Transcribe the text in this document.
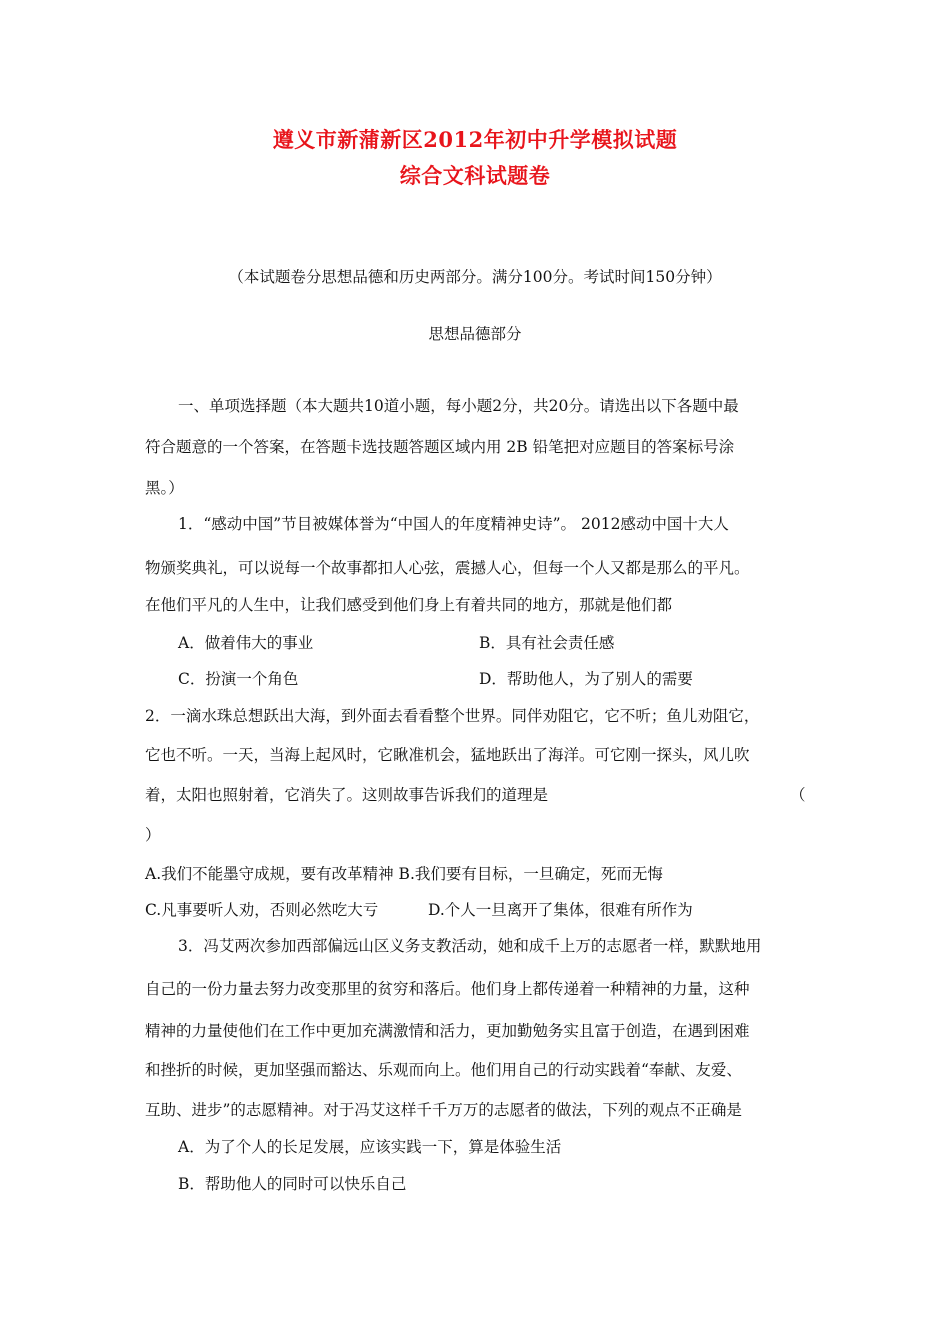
遵义市新蒲新区2012年初中升学模拟试题
综合文科试题卷
（本试题卷分思想品德和历史两部分。满分100分。考试时间150分钟）
思想品德部分
一、单项选择题（本大题共10道小题，每小题2分，共20分。请选出以下各题中最
符合题意的一个答案，在答题卡选技题答题区域内用 2B 铅笔把对应题目的答案标号涂
黑。）
1．“感动中国”节目被媒体誉为“中国人的年度精神史诗”。 2012感动中国十大人
物颁奖典礼，可以说每一个故事都扣人心弦，震撼人心，但每一个人又都是那么的平凡。
在他们平凡的人生中，让我们感受到他们身上有着共同的地方，那就是他们都
A．做着伟大的事业	B．具有社会责任感
C．扮演一个角色	D．帮助他人，为了别人的需要
2．一滴水珠总想跃出大海，到外面去看看整个世界。同伴劝阻它，它不听；鱼儿劝阻它，
它也不听。一天，当海上起风时，它瞅准机会，猛地跃出了海洋。可它刚一探头，风儿吹
着，太阳也照射着，它消失了。这则故事告诉我们的道理是	（
）
A.我们不能墨守成规，要有改革精神 B.我们要有目标，一旦确定，死而无悔
C.凡事要听人劝，否则必然吃大亏	D.个人一旦离开了集体，很难有所作为
3．冯艾两次参加西部偏远山区义务支教活动，她和成千上万的志愿者一样，默默地用
自己的一份力量去努力改变那里的贫穷和落后。他们身上都传递着一种精神的力量，这种
精神的力量使他们在工作中更加充满激情和活力，更加勤勉务实且富于创造，在遇到困难
和挫折的时候，更加坚强而豁达、乐观而向上。他们用自己的行动实践着“奉献、友爱、
互助、进步”的志愿精神。对于冯艾这样千千万万的志愿者的做法，下列的观点不正确是
A．为了个人的长足发展，应该实践一下，算是体验生活
B．帮助他人的同时可以快乐自己
